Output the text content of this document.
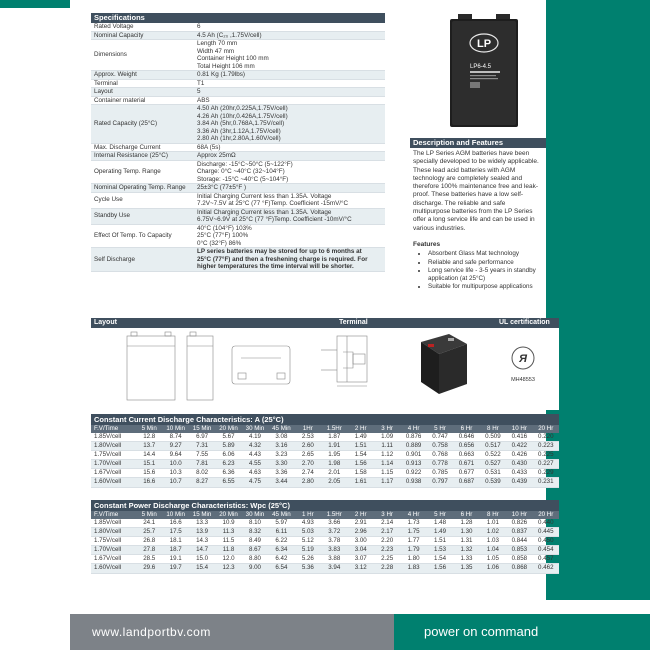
Specifications
Rated Voltage	6
Nominal Capacity	4.5 Ah (C₂₀ ,1.75V/cell)
Dimensions
Length 70 mm
Width 47 mm
Container Height 100 mm
Total Height 106 mm
Approx. Weight	0.81 Kg (1.79lbs)
Terminal	T1
Layout	5
Container material	ABS
Rated Capacity (25°C)
4.50 Ah (20hr,0.225A,1.75V/cell)
4.26 Ah (10hr,0.426A,1.75V/cell)
3.84 Ah (5hr,0.768A,1.75V/cell)
3.36 Ah (3hr,1.12A,1.75V/cell)
2.80 Ah (1hr,2.80A,1.60V/cell)
Max. Discharge Current	68A (5s)
Internal Resistance (25°C)	Approx 25mΩ
Operating Temp. Range
Discharge: -15°C~50°C (5~122°F)
Charge: 0°C ~40°C (32~104°F)
Storage: -15°C ~40°C (5~104°F)
Nominal Operating Temp. Range	25±3°C (77±5°F )
Cycle Use
Initial Charging Current less than 1.35A. Voltage
7.2V~7.5V at 25°C (77 °F)Temp. Coefficient -15mV/°C
Standby Use
Initial Charging Current less than 1.35A. Voltage
6.75V~6.9V at 25°C (77 °F)Temp. Coefficient -10mV/°C
Effect Of Temp. To Capacity
40°C (104°F) 103%
25°C (77°F) 100%
0°C (32°F) 86%
Self Discharge
LP series batteries may be stored for up to 6 months at
25°C (77°F) and then a freshening charge is required. For
higher temperatures the time interval will be shorter.
LP
LP6-4.5
Description and Features
The LP Series AGM batteries have been specially developed to be widely applicable. These lead acid batteries with AGM technology are completely sealed and therefore 100% maintenance free and leak-proof. These batteries have a low self-discharge. The reliable and safe multipurpose batteries from the LP Series offer a long service life and can be used in various industries.
Features
• Absorbent Glass Mat technology
• Reliable and safe performance
• Long service life - 3-5 years in standby application (at 25°C)
• Suitable for multipurpose applications
Layout	Terminal	UL certification
Я
MH48553
Constant Current Discharge Characteristics: A (25°C)
F.V/Time	5 Min	10 Min	15 Min	20 Min	30 Min	45 Min	1Hr	1.5Hr	2 Hr	3 Hr	4 Hr	5 Hr	6 Hr	8 Hr	10 Hr	20 Hr
1.85V/cell	12.8	8.74	6.97	5.67	4.19	3.08	2.53	1.87	1.49	1.09	0.876	0.747	0.646	0.509	0.416	0.220
1.80V/cell	13.7	9.27	7.31	5.89	4.32	3.16	2.60	1.91	1.51	1.11	0.889	0.758	0.656	0.517	0.422	0.223
1.75V/cell	14.4	9.64	7.55	6.06	4.43	3.23	2.65	1.95	1.54	1.12	0.901	0.768	0.663	0.522	0.426	0.225
1.70V/cell	15.1	10.0	7.81	6.23	4.55	3.30	2.70	1.98	1.56	1.14	0.913	0.778	0.671	0.527	0.430	0.227
1.67V/cell	15.6	10.3	8.02	6.36	4.63	3.36	2.74	2.01	1.58	1.15	0.922	0.785	0.677	0.531	0.433	0.229
1.60V/cell	16.6	10.7	8.27	6.55	4.75	3.44	2.80	2.05	1.61	1.17	0.938	0.797	0.687	0.539	0.439	0.231
Constant Power Discharge Characteristics: Wpc (25°C)
F.V/Time	5 Min	10 Min	15 Min	20 Min	30 Min	45 Min	1 Hr	1.5Hr	2 Hr	3 Hr	4 Hr	5 Hr	6 Hr	8 Hr	10 Hr	20 Hr
1.85V/cell	24.1	16.6	13.3	10.9	8.10	5.97	4.93	3.66	2.91	2.14	1.73	1.48	1.28	1.01	0.826	0.440
1.80V/cell	25.7	17.5	13.9	11.3	8.32	6.11	5.03	3.72	2.96	2.17	1.75	1.49	1.30	1.02	0.837	0.445
1.75V/cell	26.8	18.1	14.3	11.5	8.49	6.22	5.12	3.78	3.00	2.20	1.77	1.51	1.31	1.03	0.844	0.450
1.70V/cell	27.8	18.7	14.7	11.8	8.67	6.34	5.19	3.83	3.04	2.23	1.79	1.53	1.32	1.04	0.853	0.454
1.67V/cell	28.5	19.1	15.0	12.0	8.80	6.42	5.26	3.88	3.07	2.25	1.80	1.54	1.33	1.05	0.858	0.457
1.60V/cell	29.6	19.7	15.4	12.3	9.00	6.54	5.36	3.94	3.12	2.28	1.83	1.56	1.35	1.06	0.868	0.462
www.landportbv.com	power on command
